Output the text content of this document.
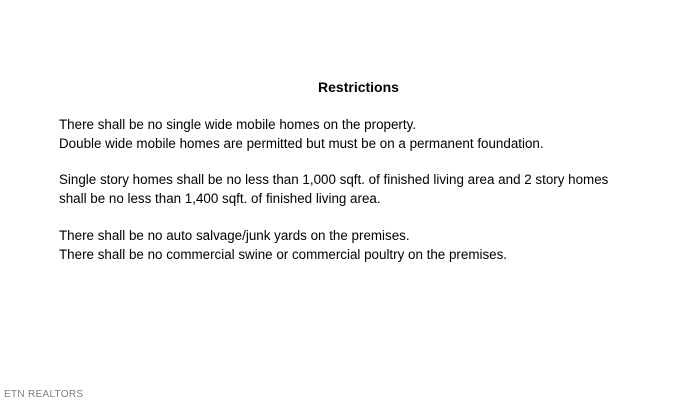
Restrictions
There shall be no single wide mobile homes on the property.
Double wide mobile homes are permitted but must be on a permanent foundation.
Single story homes shall be no less than 1,000 sqft. of finished living area and 2 story homes
shall be no less than 1,400 sqft. of finished living area.
There shall be no auto salvage/junk yards on the premises.
There shall be no commercial swine or commercial poultry on the premises.
ETN REALTORS
